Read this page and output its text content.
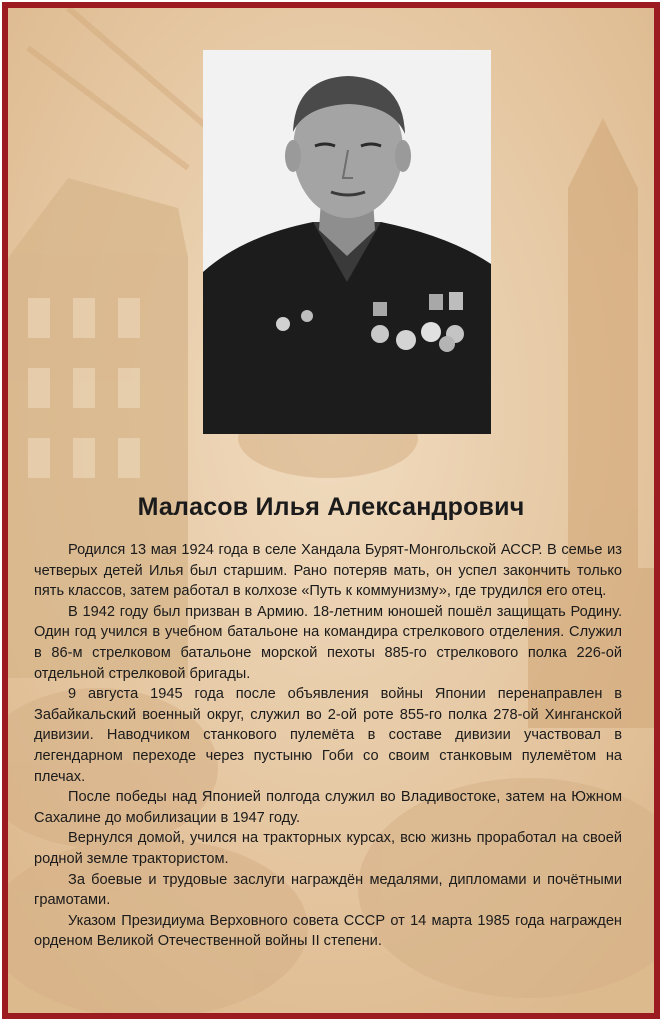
Маласов Илья Александрович

Родился 13 мая 1924 года в селе Хандала Бурят-Монгольской АССР. В семье из четверых детей Илья был старшим. Рано потеряв мать, он успел закончить только пять классов, затем работал в колхозе «Путь к коммунизму», где трудился его отец.

В 1942 году был призван в Армию. 18-летним юношей пошёл защищать Родину. Один год учился в учебном батальоне на командира стрелкового отделения. Служил в 86-м стрелковом батальоне морской пехоты 885-го стрелкового полка 226-ой отдельной стрелковой бригады.

9 августа 1945 года после объявления войны Японии перенаправлен в Забайкальский военный округ, служил во 2-ой роте 855-го полка 278-ой Хинганской дивизии. Наводчиком станкового пулемёта в составе дивизии участвовал в легендарном переходе через пустыню Гоби со своим станковым пулемётом на плечах.

После победы над Японией полгода служил во Владивостоке, затем на Южном Сахалине до мобилизации в 1947 году.

Вернулся домой, учился на тракторных курсах, всю жизнь проработал на своей родной земле трактористом.

За боевые и трудовые заслуги награждён медалями, дипломами и почётными грамотами.

Указом Президиума Верховного совета СССР от 14 марта 1985 года награжден орденом Великой Отечественной войны II степени.
